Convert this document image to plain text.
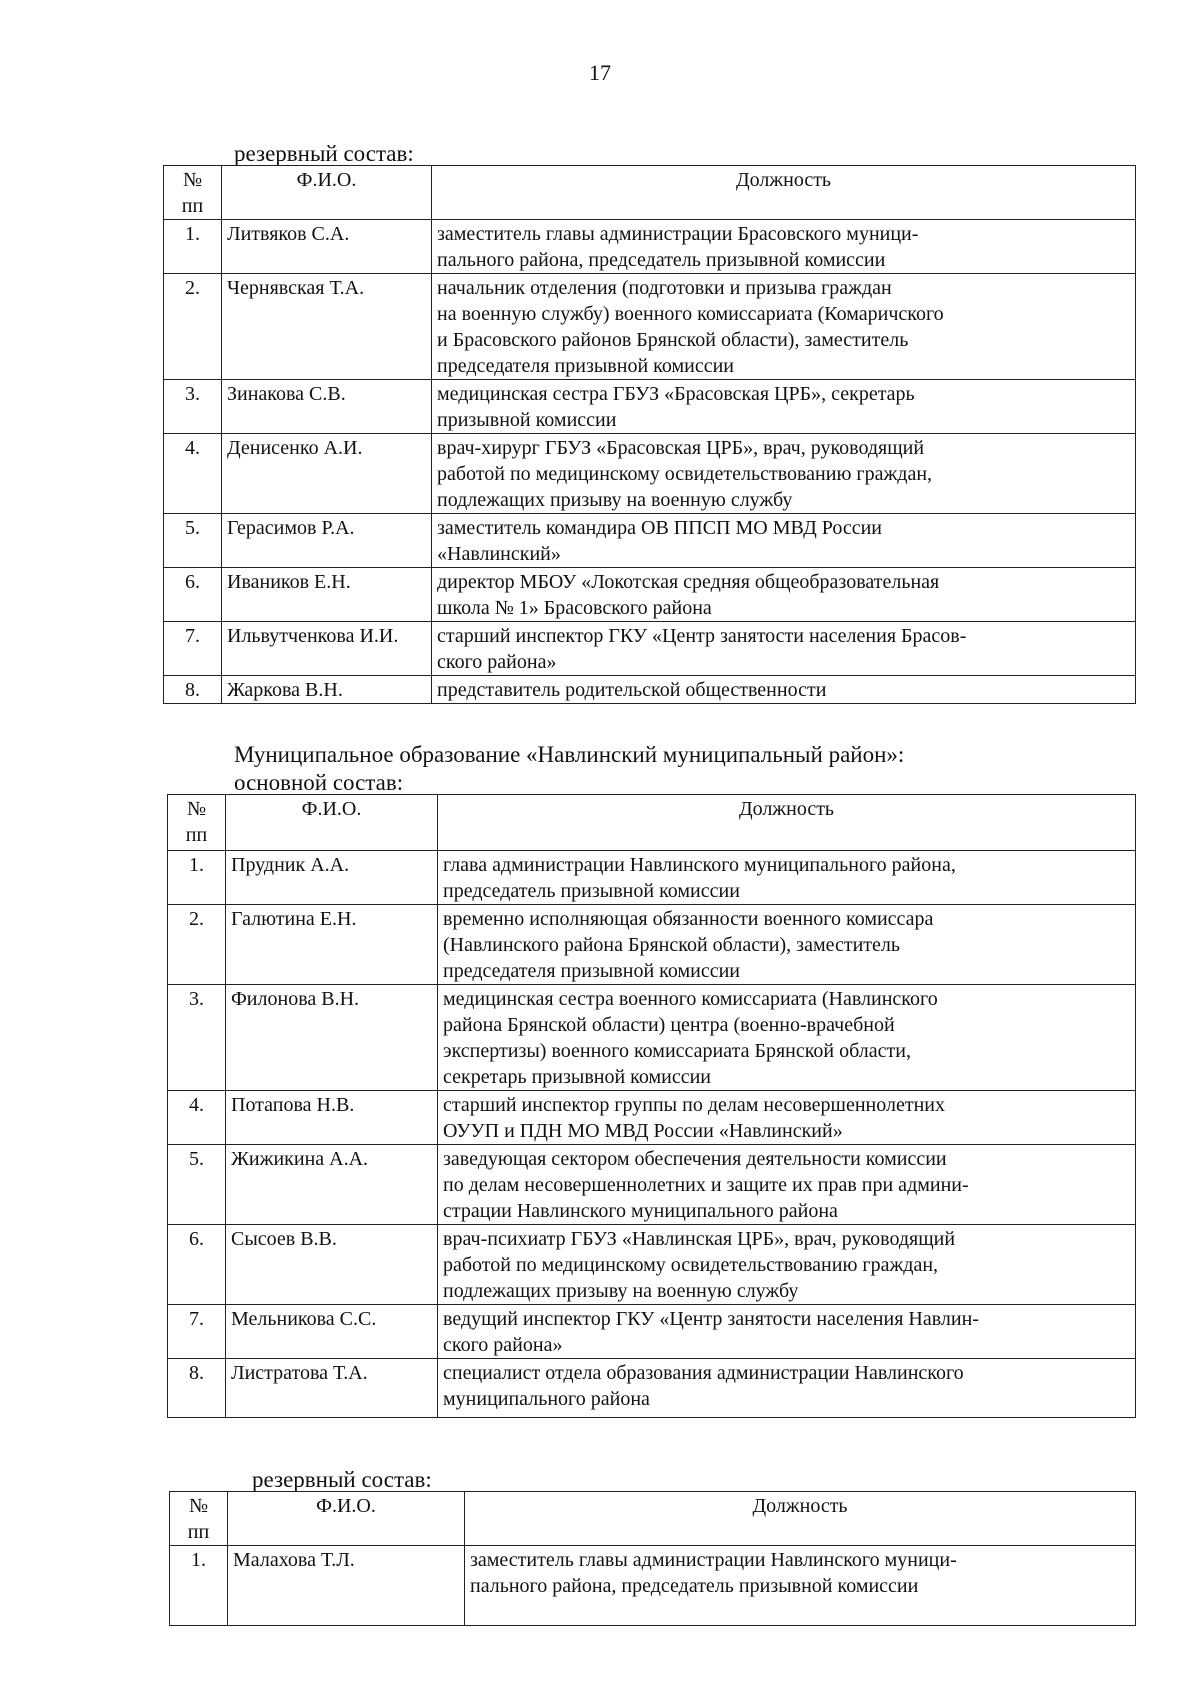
17
резервный состав:
№
пп	Ф.И.О.	Должность
1.	Литвяков С.А.	заместитель главы администрации Брасовского муници-
пального района, председатель призывной комиссии
2.	Чернявская Т.А.	начальник отделения (подготовки и призыва граждан
на военную службу) военного комиссариата (Комаричского
и Брасовского районов Брянской области), заместитель
председателя призывной комиссии
3.	Зинакова С.В.	медицинская сестра ГБУЗ «Брасовская ЦРБ», секретарь
призывной комиссии
4.	Денисенко А.И.	врач-хирург ГБУЗ «Брасовская ЦРБ», врач, руководящий
работой по медицинскому освидетельствованию граждан,
подлежащих призыву на военную службу
5.	Герасимов Р.А.	заместитель командира ОВ ППСП МО МВД России
«Навлинский»
6.	Иваников Е.Н.	директор МБОУ «Локотская средняя общеобразовательная
школа № 1» Брасовского района
7.	Ильвутченкова И.И.	старший инспектор ГКУ «Центр занятости населения Брасов-
ского района»
8.	Жаркова В.Н.	представитель родительской общественности
Муниципальное образование «Навлинский муниципальный район»:
основной состав:
№
пп	Ф.И.О.	Должность
1.	Прудник А.А.	глава администрации Навлинского муниципального района,
председатель призывной комиссии
2.	Галютина Е.Н.	временно исполняющая обязанности военного комиссара
(Навлинского района Брянской области), заместитель
председателя призывной комиссии
3.	Филонова В.Н.	медицинская сестра военного комиссариата (Навлинского
района Брянской области) центра (военно-врачебной
экспертизы) военного комиссариата Брянской области,
секретарь призывной комиссии
4.	Потапова Н.В.	старший инспектор группы по делам несовершеннолетних
ОУУП и ПДН МО МВД России «Навлинский»
5.	Жижикина А.А.	заведующая сектором обеспечения деятельности комиссии
по делам несовершеннолетних и защите их прав при админи-
страции Навлинского муниципального района
6.	Сысоев В.В.	врач-психиатр ГБУЗ «Навлинская ЦРБ», врач, руководящий
работой по медицинскому освидетельствованию граждан,
подлежащих призыву на военную службу
7.	Мельникова С.С.	ведущий инспектор ГКУ «Центр занятости населения Навлин-
ского района»
8.	Листратова Т.А.	специалист отдела образования администрации Навлинского
муниципального района
резервный состав:
№
пп	Ф.И.О.	Должность
1.	Малахова Т.Л.	заместитель главы администрации Навлинского муници-
пального района, председатель призывной комиссии
